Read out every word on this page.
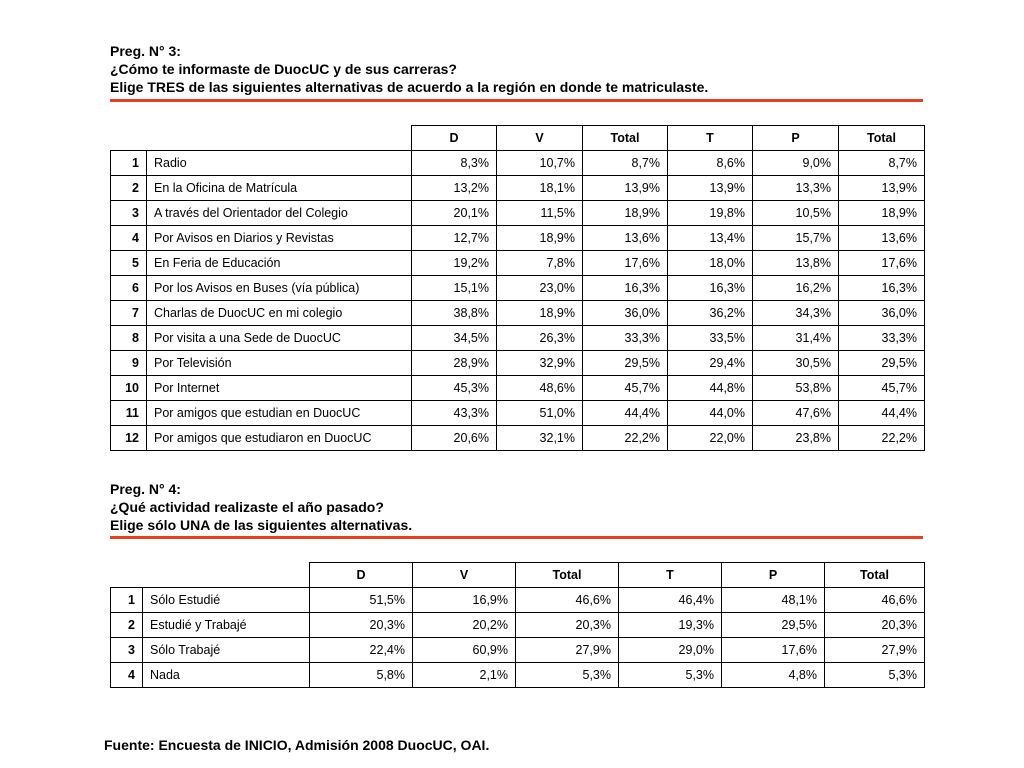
Preg. N° 3:
¿Cómo te informaste de DuocUC y de sus carreras?
Elige TRES de las siguientes alternativas de acuerdo a la región en donde te matriculaste.
		D	V	Total	T	P	Total
1	Radio	8,3%	10,7%	8,7%	8,6%	9,0%	8,7%
2	En la Oficina de Matrícula	13,2%	18,1%	13,9%	13,9%	13,3%	13,9%
3	A través del Orientador del Colegio	20,1%	11,5%	18,9%	19,8%	10,5%	18,9%
4	Por Avisos en Diarios y Revistas	12,7%	18,9%	13,6%	13,4%	15,7%	13,6%
5	En Feria de Educación	19,2%	7,8%	17,6%	18,0%	13,8%	17,6%
6	Por los Avisos en Buses (vía pública)	15,1%	23,0%	16,3%	16,3%	16,2%	16,3%
7	Charlas de DuocUC en mi colegio	38,8%	18,9%	36,0%	36,2%	34,3%	36,0%
8	Por visita a una Sede de DuocUC	34,5%	26,3%	33,3%	33,5%	31,4%	33,3%
9	Por Televisión	28,9%	32,9%	29,5%	29,4%	30,5%	29,5%
10	Por Internet	45,3%	48,6%	45,7%	44,8%	53,8%	45,7%
11	Por amigos que estudian en DuocUC	43,3%	51,0%	44,4%	44,0%	47,6%	44,4%
12	Por amigos que estudiaron en DuocUC	20,6%	32,1%	22,2%	22,0%	23,8%	22,2%
Preg. N° 4:
¿Qué actividad realizaste el año pasado?
Elige sólo UNA de las siguientes alternativas.
		D	V	Total	T	P	Total
1	Sólo Estudié	51,5%	16,9%	46,6%	46,4%	48,1%	46,6%
2	Estudié y Trabajé	20,3%	20,2%	20,3%	19,3%	29,5%	20,3%
3	Sólo Trabajé	22,4%	60,9%	27,9%	29,0%	17,6%	27,9%
4	Nada	5,8%	2,1%	5,3%	5,3%	4,8%	5,3%
Fuente: Encuesta de INICIO, Admisión 2008 DuocUC, OAI.
